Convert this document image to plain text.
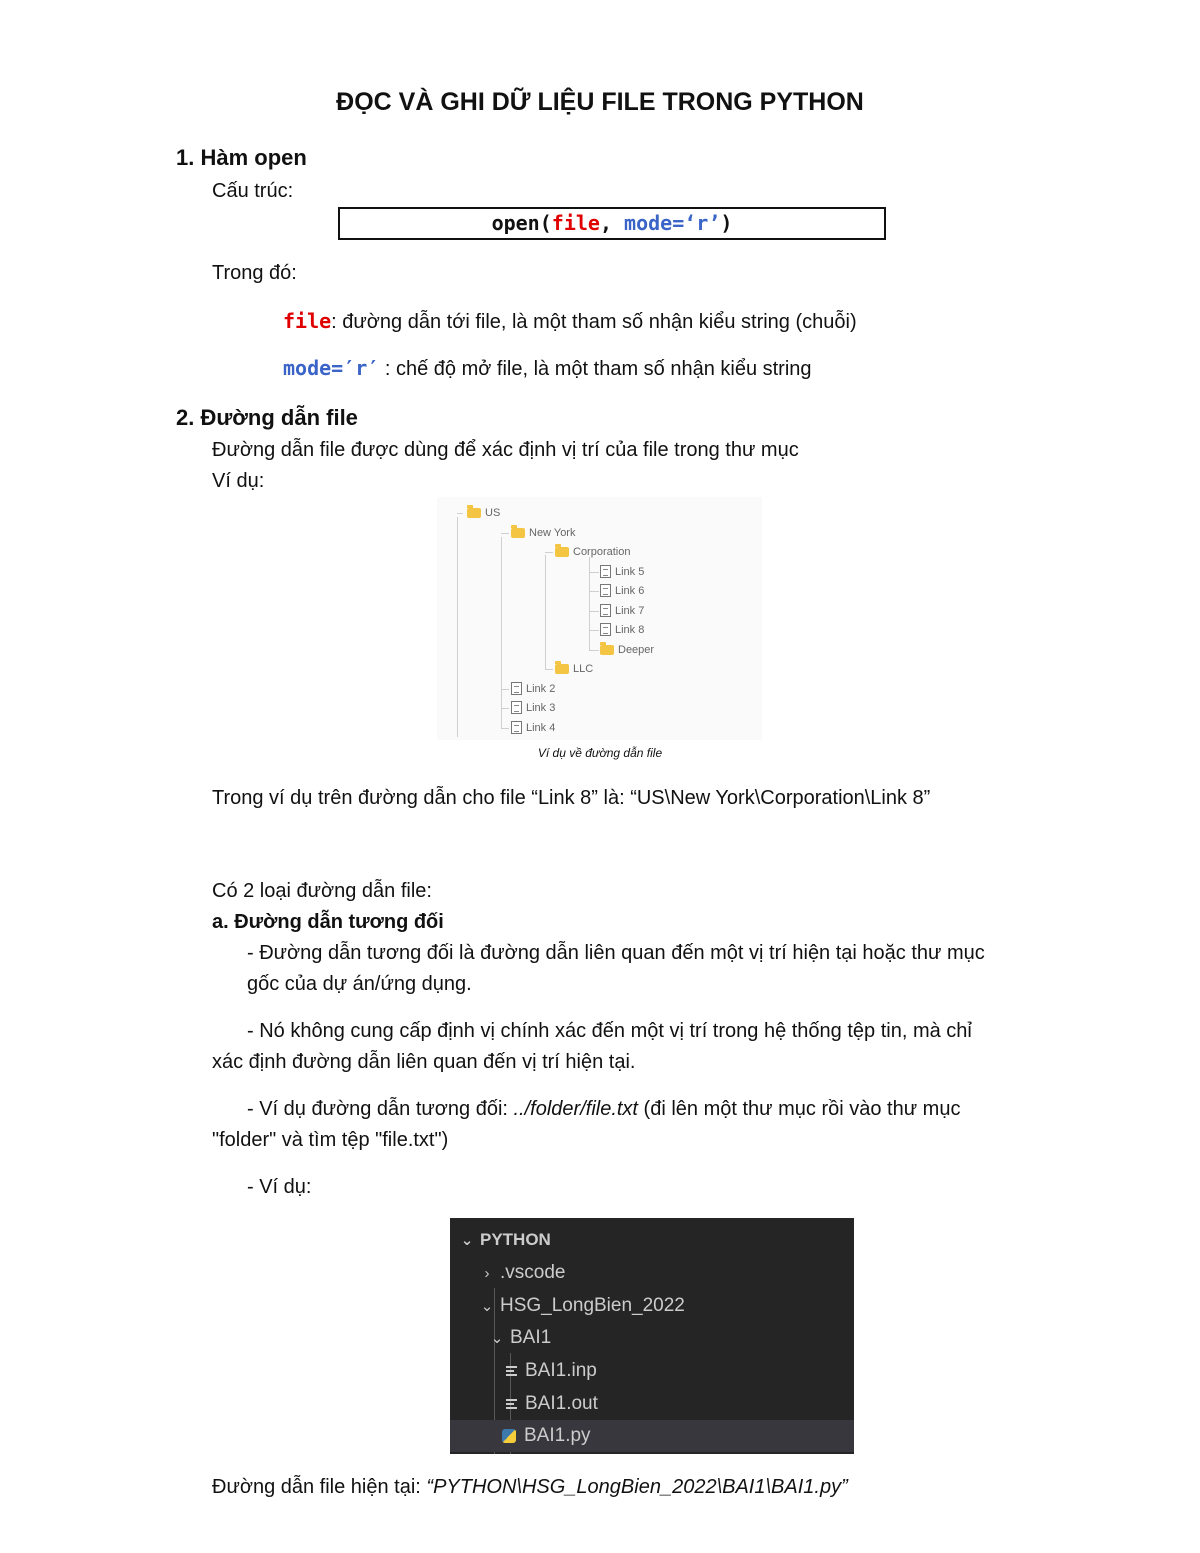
ĐỌC VÀ GHI DỮ LIỆU FILE TRONG PYTHON
1. Hàm open
Cấu trúc:
open(file, mode=‘r’)
Trong đó:
file: đường dẫn tới file, là một tham số nhận kiểu string (chuỗi)
mode=′r′ : chế độ mở file, là một tham số nhận kiểu string
2. Đường dẫn file
Đường dẫn file được dùng để xác định vị trí của file trong thư mục
Ví dụ:
US
New York
Corporation
Link 5
Link 6
Link 7
Link 8
Deeper
LLC
Link 2
Link 3
Link 4
Ví dụ về đường dẫn file
Trong ví dụ trên đường dẫn cho file “Link 8” là: “US\New York\Corporation\Link 8”
Có 2 loại đường dẫn file:
a. Đường dẫn tương đối
- Đường dẫn tương đối là đường dẫn liên quan đến một vị trí hiện tại hoặc thư mục
gốc của dự án/ứng dụng.
- Nó không cung cấp định vị chính xác đến một vị trí trong hệ thống tệp tin, mà chỉ
xác định đường dẫn liên quan đến vị trí hiện tại.
- Ví dụ đường dẫn tương đối: ../folder/file.txt (đi lên một thư mục rồi vào thư mục
"folder" và tìm tệp "file.txt")
- Ví dụ:
⌄ PYTHON
› .vscode
⌄ HSG_LongBien_2022
⌄ BAI1
BAI1.inp
BAI1.out
BAI1.py
Đường dẫn file hiện tại: “PYTHON\HSG_LongBien_2022\BAI1\BAI1.py”
